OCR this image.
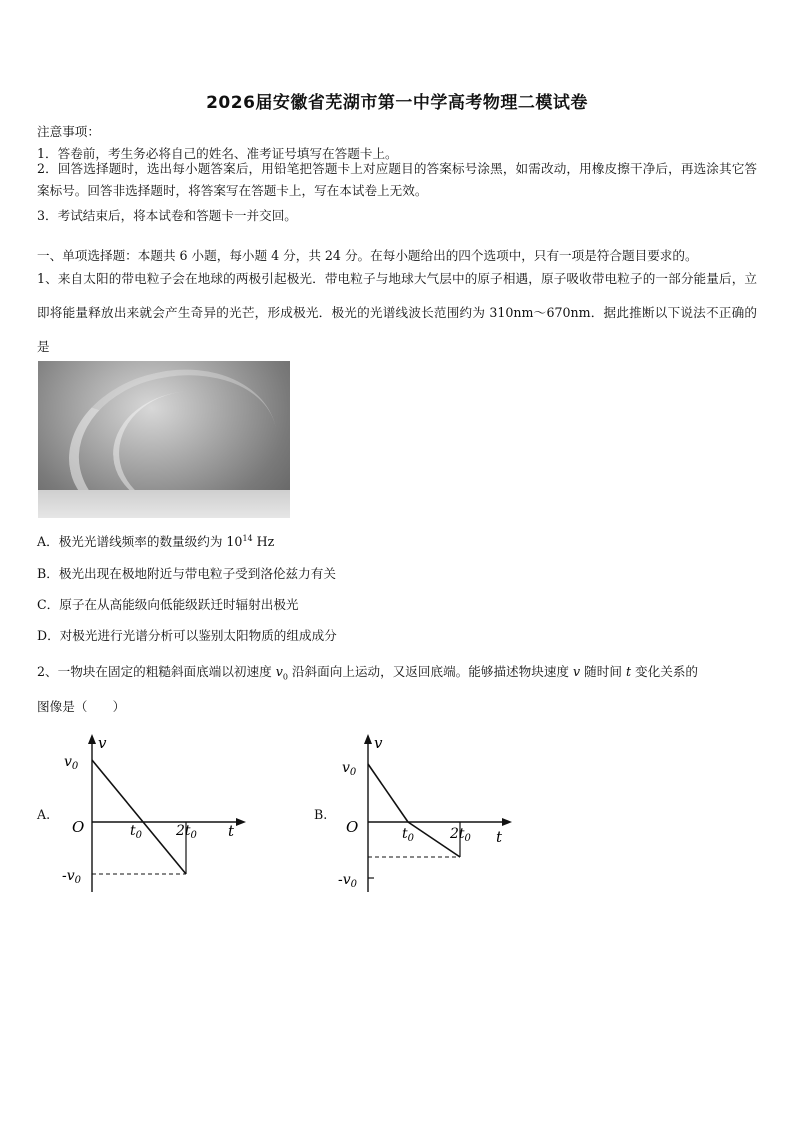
2026届安徽省芜湖市第一中学高考物理二模试卷
注意事项：
1．答卷前，考生务必将自己的姓名、准考证号填写在答题卡上。
2．回答选择题时，选出每小题答案后，用铅笔把答题卡上对应题目的答案标号涂黑，如需改动，用橡皮擦干净后，再选涂其它答案标号。回答非选择题时，将答案写在答题卡上，写在本试卷上无效。
3．考试结束后，将本试卷和答题卡一并交回。
一、单项选择题：本题共 6 小题，每小题 4 分，共 24 分。在每小题给出的四个选项中，只有一项是符合题目要求的。
1、来自太阳的带电粒子会在地球的两极引起极光．带电粒子与地球大气层中的原子相遇，原子吸收带电粒子的一部分能量后，立即将能量释放出来就会产生奇异的光芒，形成极光．极光的光谱线波长范围约为 310nm～670nm．据此推断以下说法不正确的是
A．极光光谱线频率的数量级约为 $10^{14}$ Hz
B．极光出现在极地附近与带电粒子受到洛伦兹力有关
C．原子在从高能级向低能级跃迁时辐射出极光
D．对极光进行光谱分析可以鉴别太阳物质的组成成分
2、一物块在固定的粗糙斜面底端以初速度 $v_0$ 沿斜面向上运动，又返回底端。能够描述物块速度 v 随时间 t 变化关系的
图像是（　　）
A.
v
$v_0$
O	$t_0$ $2t_0$ t
$-v_0$
B.
v
$v_0$
O	$t_0$	$2t_0$ t
$-v_0$
